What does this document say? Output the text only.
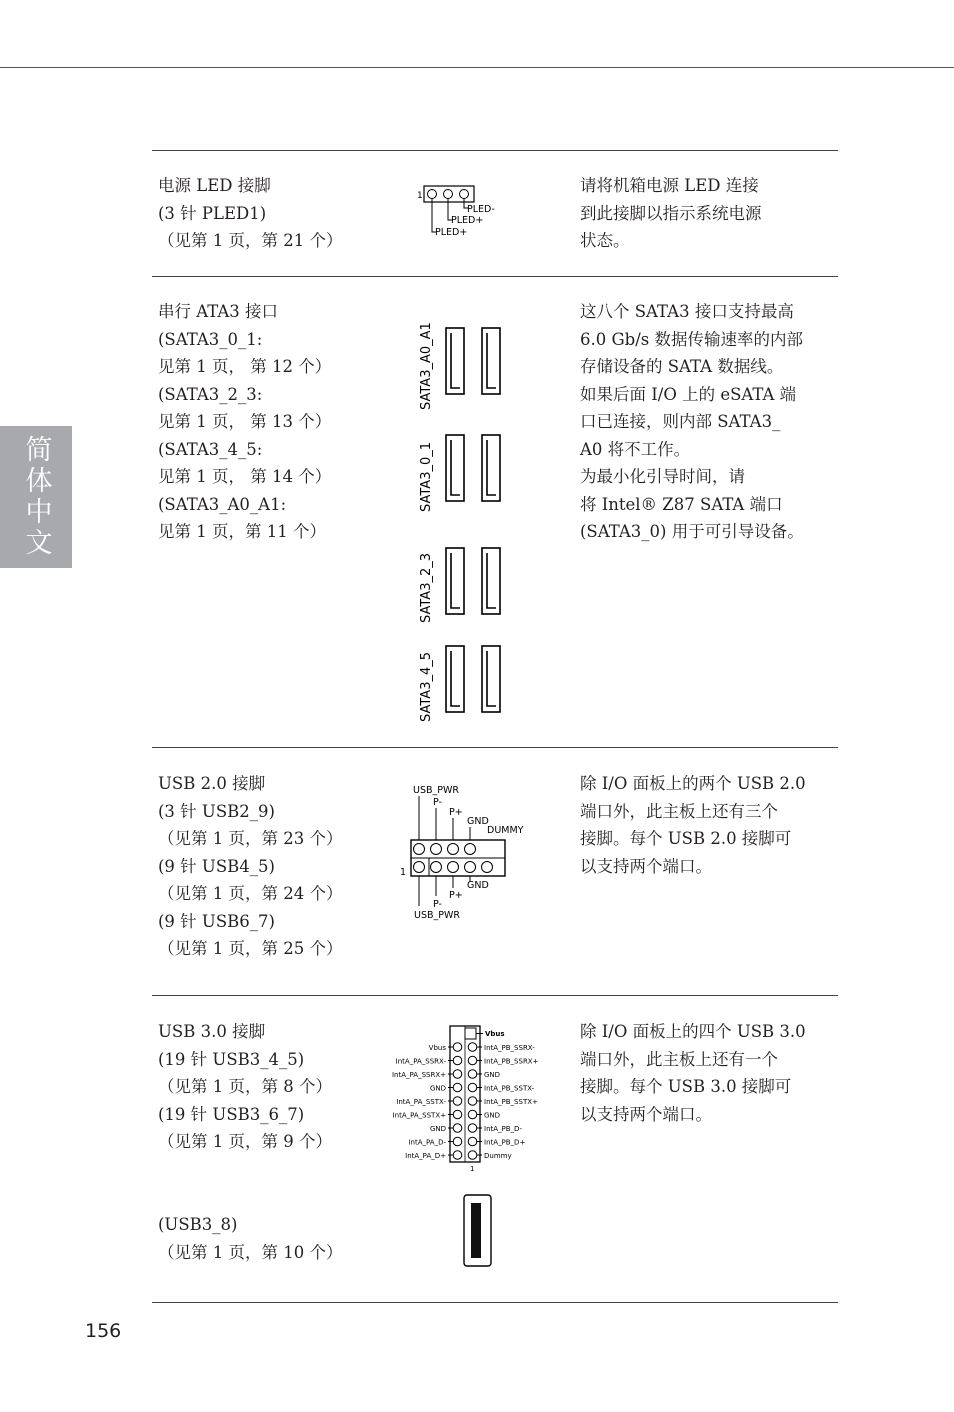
简体中文
电源 LED 接脚
(3 针 PLED1)
（见第 1 页，第 21 个）
1
PLED-
PLED+
PLED+
请将机箱电源 LED 连接
到此接脚以指示系统电源
状态。
串行 ATA3 接口
(SATA3_0_1:
见第 1 页， 第 12 个）
(SATA3_2_3:
见第 1 页， 第 13 个）
(SATA3_4_5:
见第 1 页， 第 14 个）
(SATA3_A0_A1:
见第 1 页，第 11 个）
SATA3_A0_A1
SATA3_0_1
SATA3_2_3
SATA3_4_5
这八个 SATA3 接口支持最高
6.0 Gb/s 数据传输速率的内部
存储设备的 SATA 数据线。
如果后面 I/O 上的 eSATA 端
口已连接，则内部 SATA3_
A0 将不工作。
为最小化引导时间，请
将 Intel® Z87 SATA 端口
(SATA3_0) 用于可引导设备。
USB 2.0 接脚
(3 针 USB2_9)
（见第 1 页，第 23 个）
(9 针 USB4_5)
（见第 1 页，第 24 个）
(9 针 USB6_7)
（见第 1 页，第 25 个）
USB_PWR
P-
P+
GND
DUMMY
1
GND
P+
P-
USB_PWR
除 I/O 面板上的两个 USB 2.0
端口外，此主板上还有三个
接脚。每个 USB 2.0 接脚可
以支持两个端口。
USB 3.0 接脚
(19 针 USB3_4_5)
（见第 1 页，第 8 个）
(19 针 USB3_6_7)
（见第 1 页，第 9 个）
(USB3_8)
（见第 1 页，第 10 个）
Vbus
Vbus
IntA_PA_SSRX-
IntA_PA_SSRX+
GND
IntA_PA_SSTX-
IntA_PA_SSTX+
GND
IntA_PA_D-
IntA_PA_D+
IntA_PB_SSRX-
IntA_PB_SSRX+
GND
IntA_PB_SSTX-
IntA_PB_SSTX+
GND
IntA_PB_D-
IntA_PB_D+
Dummy
1
除 I/O 面板上的四个 USB 3.0
端口外，此主板上还有一个
接脚。每个 USB 3.0 接脚可
以支持两个端口。
156
